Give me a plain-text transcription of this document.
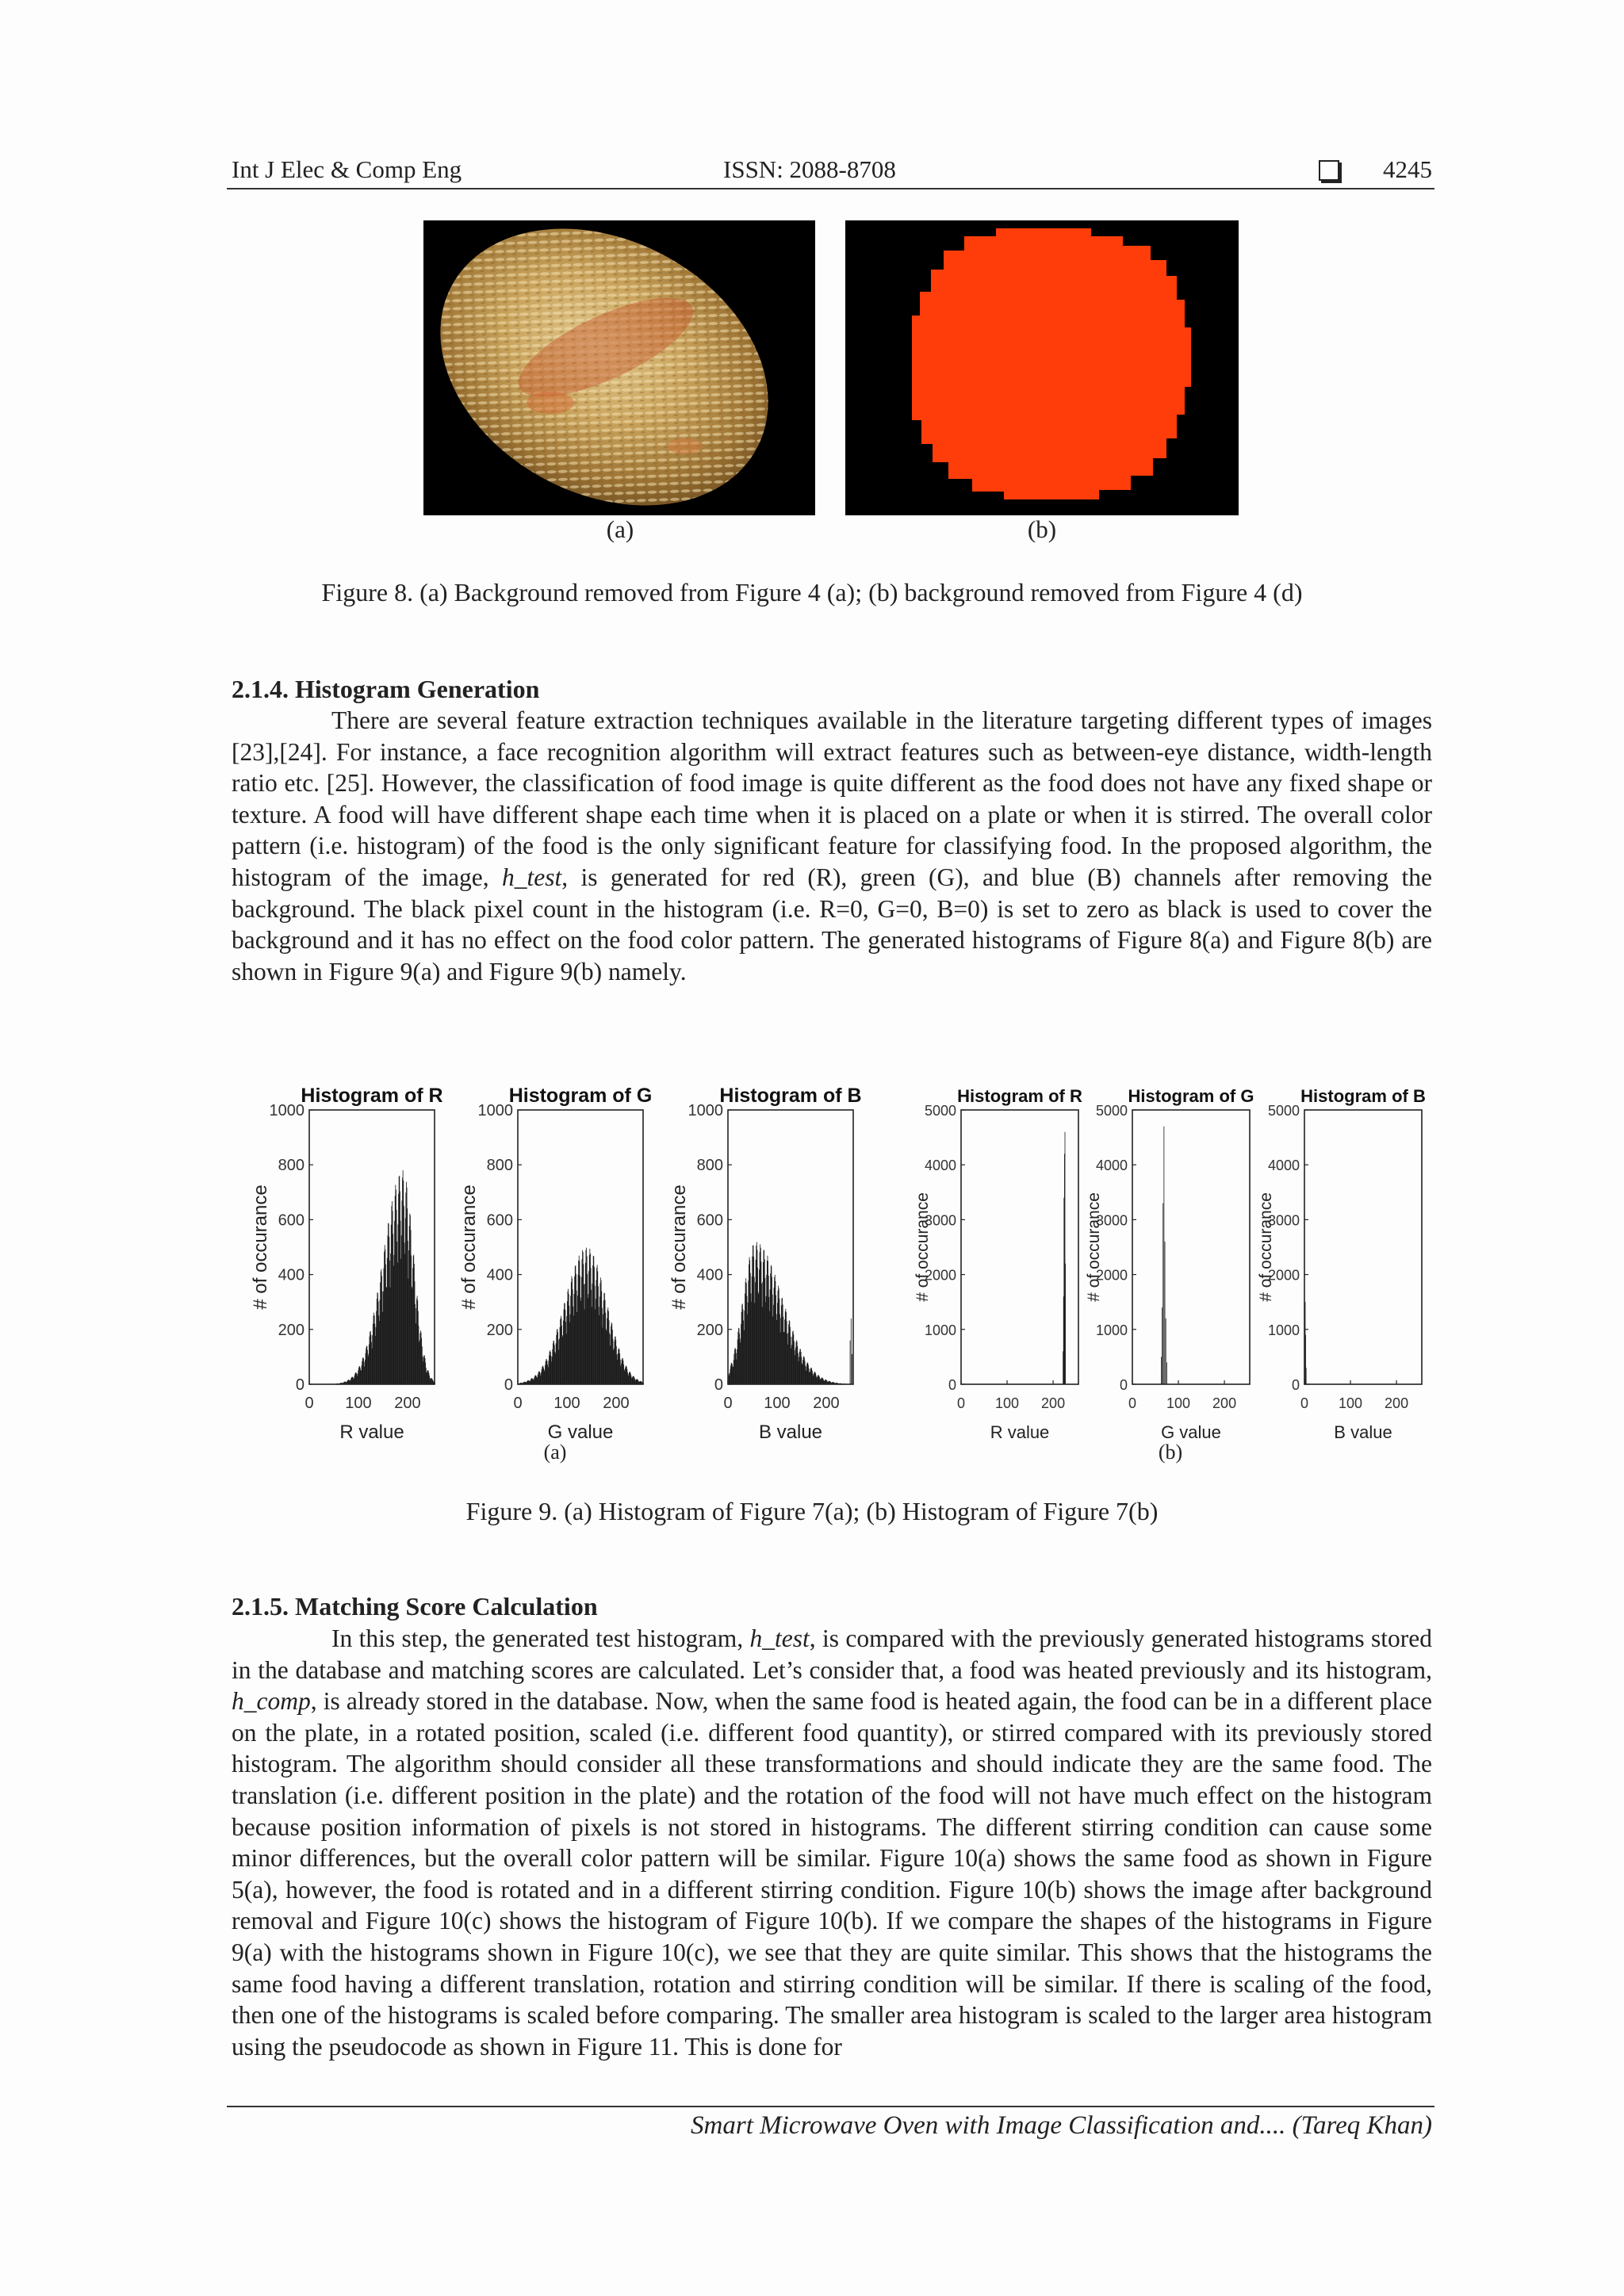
Int J Elec & Comp Eng	ISSN: 2088-8708	4245
(a)	(b)
Figure 8. (a) Background removed from Figure 4 (a); (b) background removed from Figure 4 (d)
2.1.4. Histogram Generation
There are several feature extraction techniques available in the literature targeting different types of images [23],[24]. For instance, a face recognition algorithm will extract features such as between-eye distance, width-length ratio etc. [25]. However, the classification of food image is quite different as the food does not have any fixed shape or texture. A food will have different shape each time when it is placed on a plate or when it is stirred. The overall color pattern (i.e. histogram) of the food is the only significant feature for classifying food. In the proposed algorithm, the histogram of the image, h_test, is generated for red (R), green (G), and blue (B) channels after removing the background. The black pixel count in the histogram (i.e. R=0, G=0, B=0) is set to zero as black is used to cover the background and it has no effect on the food color pattern. The generated histograms of Figure 8(a) and Figure 8(b) are shown in Figure 9(a) and Figure 9(b) namely.
Histogram of R
0
200
400
600
800
1000
0 100 200
R value
# of occurance
Histogram of G
0
200
400
600
800
1000
0 100 200
G value
# of occurance
Histogram of B
0
200
400
600
800
1000
0 100 200
B value
# of occurance
Histogram of R
0
1000
2000
3000
4000
5000
0 100 200
R value
# of occurance
Histogram of G
0
1000
2000
3000
4000
5000
0 100 200
G value
# of occurance
Histogram of B
0
1000
2000
3000
4000
5000
0 100 200
B value
# of occurance
(a)	(b)
Figure 9. (a) Histogram of Figure 7(a); (b) Histogram of Figure 7(b)
2.1.5. Matching Score Calculation
In this step, the generated test histogram, h_test, is compared with the previously generated histograms stored in the database and matching scores are calculated. Let’s consider that, a food was heated previously and its histogram, h_comp, is already stored in the database. Now, when the same food is heated again, the food can be in a different place on the plate, in a rotated position, scaled (i.e. different food quantity), or stirred compared with its previously stored histogram. The algorithm should consider all these transformations and should indicate they are the same food. The translation (i.e. different position in the plate) and the rotation of the food will not have much effect on the histogram because position information of pixels is not stored in histograms. The different stirring condition can cause some minor differences, but the overall color pattern will be similar. Figure 10(a) shows the same food as shown in Figure 5(a), however, the food is rotated and in a different stirring condition. Figure 10(b) shows the image after background removal and Figure 10(c) shows the histogram of Figure 10(b). If we compare the shapes of the histograms in Figure 9(a) with the histograms shown in Figure 10(c), we see that they are quite similar. This shows that the histograms the same food having a different translation, rotation and stirring condition will be similar. If there is scaling of the food, then one of the histograms is scaled before comparing. The smaller area histogram is scaled to the larger area histogram using the pseudocode as shown in Figure 11. This is done for
Smart Microwave Oven with Image Classification and.... (Tareq Khan)
